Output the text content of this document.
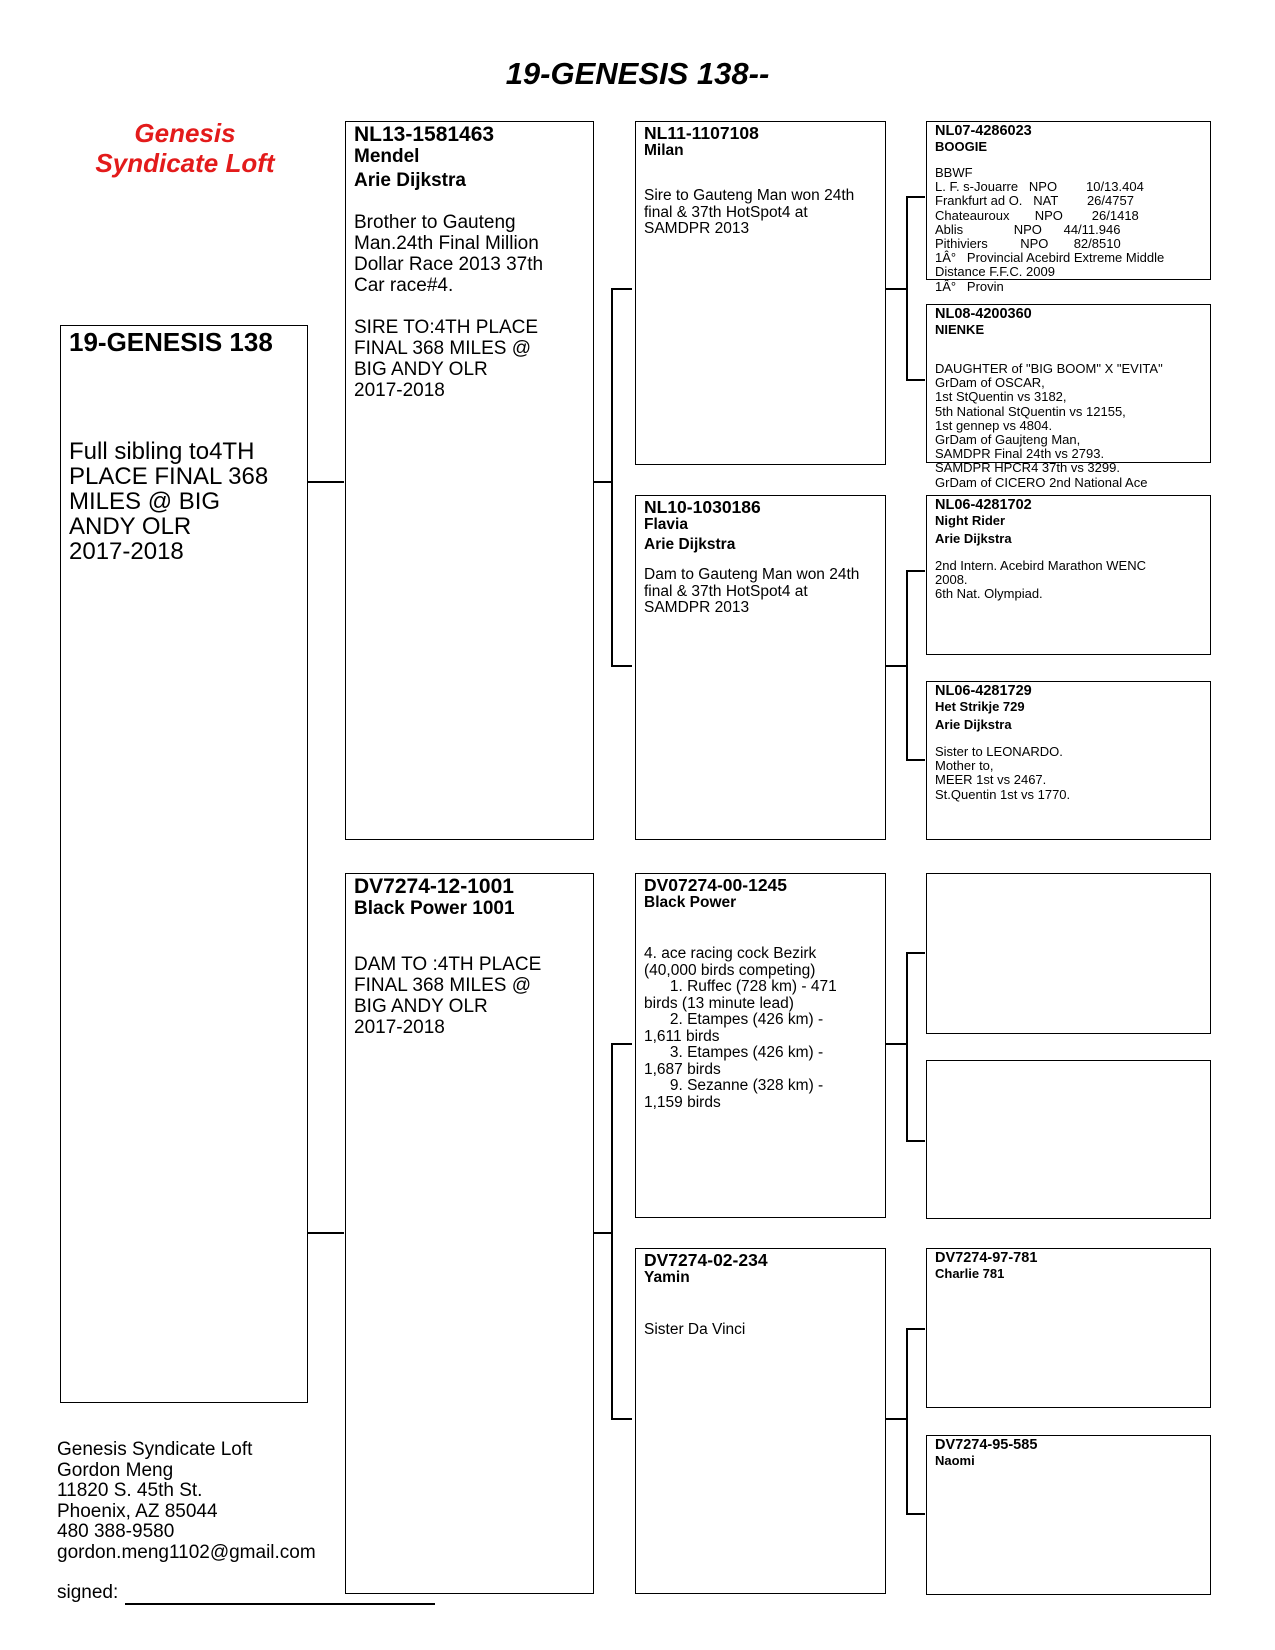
19-GENESIS 138--
Genesis
Syndicate Loft
19-GENESIS 138
Full sibling to4TH
PLACE FINAL 368
MILES @ BIG
ANDY OLR
2017-2018
NL13-1581463
Mendel
Arie Dijkstra
Brother to Gauteng
Man.24th Final Million
Dollar Race 2013 37th
Car race#4.

SIRE TO:4TH PLACE
FINAL 368 MILES @
BIG ANDY OLR
2017-2018
DV7274-12-1001
Black Power 1001
DAM TO :4TH PLACE
FINAL 368 MILES @
BIG ANDY OLR
2017-2018
NL11-1107108
Milan
Sire to Gauteng Man won 24th
final & 37th HotSpot4 at
SAMDPR 2013
NL10-1030186
Flavia
Arie Dijkstra
Dam to Gauteng Man won 24th
final & 37th HotSpot4 at
SAMDPR 2013
DV07274-00-1245
Black Power
4. ace racing cock Bezirk
(40,000 birds competing)
1. Ruffec (728 km) - 471
birds (13 minute lead)
2. Etampes (426 km) -
1,611 birds
3. Etampes (426 km) -
1,687 birds
9. Sezanne (328 km) -
1,159 birds
DV7274-02-234
Yamin
Sister Da Vinci
NL07-4286023
BOOGIE
BBWF
L. F. s-Jouarre   NPO        10/13.404
Frankfurt ad O.   NAT        26/4757
Chateauroux       NPO        26/1418
Ablis              NPO      44/11.946
Pithiviers         NPO       82/8510
1Â°   Provincial Acebird Extreme Middle
Distance F.F.C. 2009
1Â°   Provin
NL08-4200360
NIENKE
DAUGHTER of "BIG BOOM" X "EVITA"
GrDam of OSCAR,
1st StQuentin vs 3182,
5th National StQuentin vs 12155,
1st gennep vs 4804.
GrDam of Gaujteng Man,
SAMDPR Final 24th vs 2793.
SAMDPR HPCR4 37th vs 3299.
GrDam of CICERO 2nd National Ace
NL06-4281702
Night Rider
Arie Dijkstra
2nd Intern. Acebird Marathon WENC
2008.
6th Nat. Olympiad.
NL06-4281729
Het Strikje 729
Arie Dijkstra
Sister to LEONARDO.
Mother to,
MEER 1st vs 2467.
St.Quentin 1st vs 1770.
DV7274-97-781
Charlie 781
DV7274-95-585
Naomi
Genesis Syndicate Loft
Gordon Meng
11820 S. 45th St.
Phoenix, AZ 85044
480 388-9580
gordon.meng1102@gmail.com
signed:
